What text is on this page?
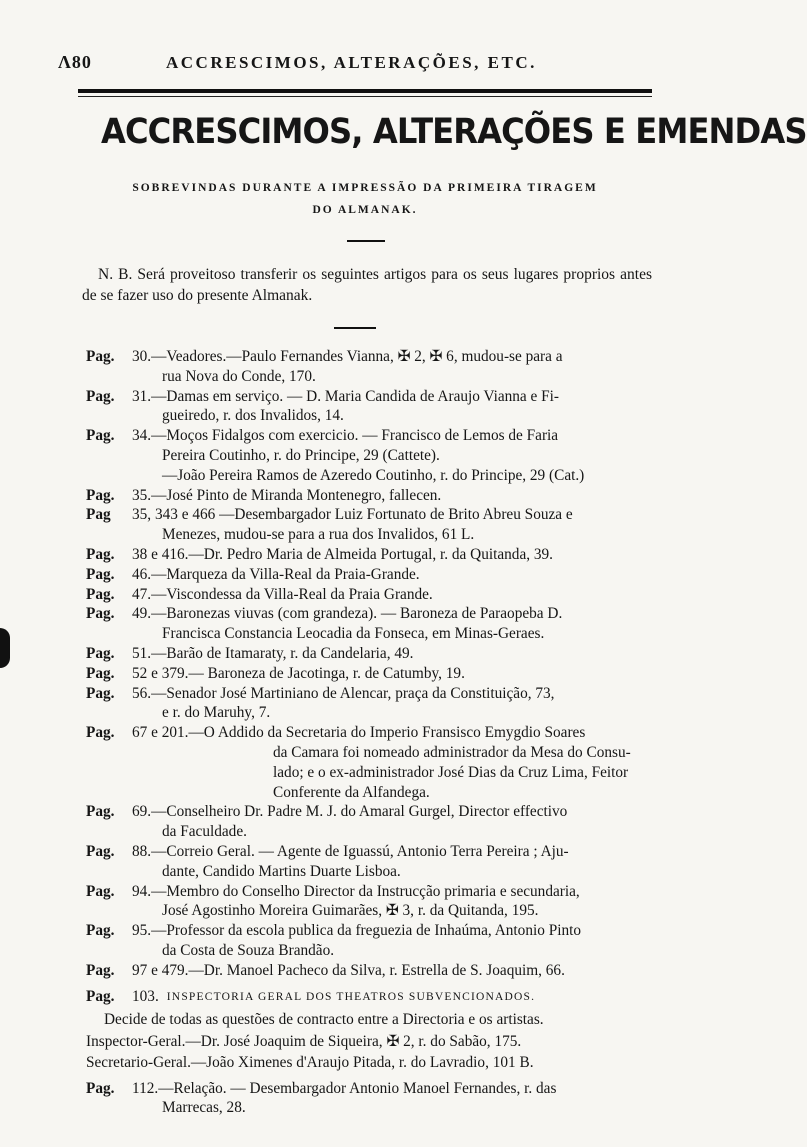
Λ80	ACCRESCIMOS, ALTERAÇÕES, ETC.
ACCRESCIMOS, ALTERAÇÕES E EMENDAS
SOBREVINDAS DURANTE A IMPRESSÃO DA PRIMEIRA TIRAGEM
DO ALMANAK.
N. B. Será proveitoso transferir os seguintes artigos para os seus lugares proprios antes de se fazer uso do presente Almanak.
Pag.	30.—Veadores.—Paulo Fernandes Vianna, ✠ 2, ✠ 6, mudou-se para a
rua Nova do Conde, 170.
Pag.	31.—Damas em serviço. — D. Maria Candida de Araujo Vianna e Fi-
gueiredo, r. dos Invalidos, 14.
Pag.	34.—Moços Fidalgos com exercicio. — Francisco de Lemos de Faria
Pereira Coutinho, r. do Principe, 29 (Cattete).
—João Pereira Ramos de Azeredo Coutinho, r. do Principe, 29 (Cat.)
Pag.	35.—José Pinto de Miranda Montenegro, fallecen.
Pag	35, 343 e 466 —Desembargador Luiz Fortunato de Brito Abreu Souza e
Menezes, mudou-se para a rua dos Invalidos, 61 L.
Pag.	38 e 416.—Dr. Pedro Maria de Almeida Portugal, r. da Quitanda, 39.
Pag.	46.—Marqueza da Villa-Real da Praia-Grande.
Pag.	47.—Viscondessa da Villa-Real da Praia Grande.
Pag.	49.—Baronezas viuvas (com grandeza). — Baroneza de Paraopeba D.
Francisca Constancia Leocadia da Fonseca, em Minas-Geraes.
Pag.	51.—Barão de Itamaraty, r. da Candelaria, 49.
Pag.	52 e 379.— Baroneza de Jacotinga, r. de Catumby, 19.
Pag.	56.—Senador José Martiniano de Alencar, praça da Constituição, 73,
e r. do Maruhy, 7.
Pag.	67 e 201.—O Addido da Secretaria do Imperio Fransisco Emygdio Soares
da Camara foi nomeado administrador da Mesa do Consu-
lado; e o ex-administrador José Dias da Cruz Lima, Feitor
Conferente da Alfandega.
Pag.	69.—Conselheiro Dr. Padre M. J. do Amaral Gurgel, Director effectivo
da Faculdade.
Pag.	88.—Correio Geral. — Agente de Iguassú, Antonio Terra Pereira ; Aju-
dante, Candido Martins Duarte Lisboa.
Pag.	94.—Membro do Conselho Director da Instrucção primaria e secundaria,
José Agostinho Moreira Guimarães, ✠ 3, r. da Quitanda, 195.
Pag.	95.—Professor da escola publica da freguezia de Inhaúma, Antonio Pinto
da Costa de Souza Brandão.
Pag.	97 e 479.—Dr. Manoel Pacheco da Silva, r. Estrella de S. Joaquim, 66.
Pag.	103. INSPECTORIA GERAL DOS THEATROS SUBVENCIONADOS.
Decide de todas as questões de contracto entre a Directoria e os artistas.
Inspector-Geral.—Dr. José Joaquim de Siqueira, ✠ 2, r. do Sabão, 175.
Secretario-Geral.—João Ximenes d'Araujo Pitada, r. do Lavradio, 101 B.
Pag.	112.—Relação. — Desembargador Antonio Manoel Fernandes, r. das
Marrecas, 28.
